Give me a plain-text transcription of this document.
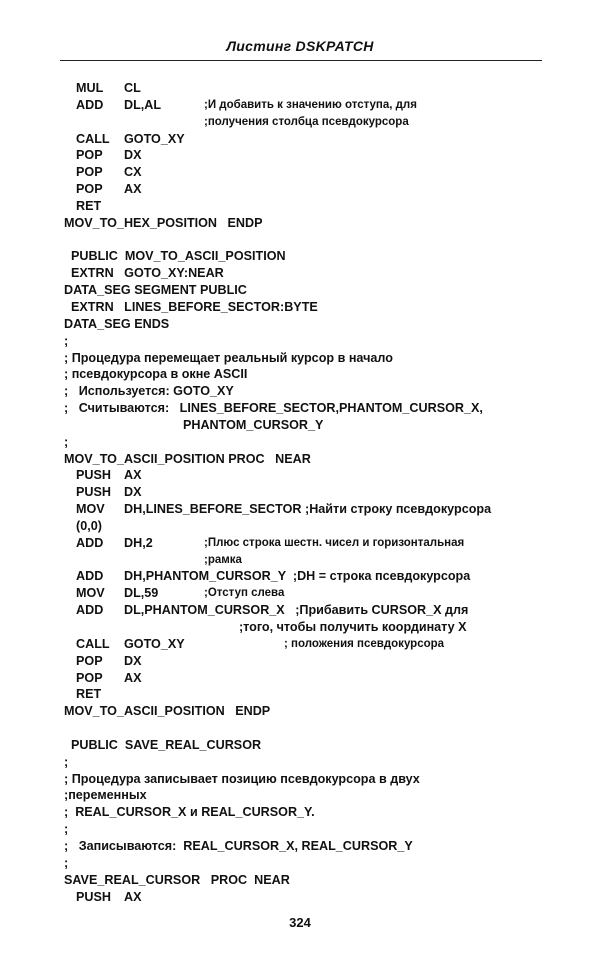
Листинг DSKPATCH
MUL CL
ADD DL,AL	;И добавить к значению отступа, для
;получения столбца псевдокурсора
CALL GOTO_XY
POP DX
POP CX
POP AX
RET
MOV_TO_HEX_POSITION   ENDP
PUBLIC  MOV_TO_ASCII_POSITION
EXTRN   GOTO_XY:NEAR
DATA_SEG SEGMENT PUBLIC
EXTRN   LINES_BEFORE_SECTOR:BYTE
DATA_SEG ENDS
;
; Процедура перемещает реальный курсор в начало
; псевдокурсора в окне ASCII
;   Используется: GOTO_XY
;   Считываются:   LINES_BEFORE_SECTOR,PHANTOM_CURSOR_X,
PHANTOM_CURSOR_Y
;
MOV_TO_ASCII_POSITION PROC   NEAR
PUSH AX
PUSH DX
MOV DH,LINES_BEFORE_SECTOR ;Найти строку псевдокурсора
(0,0)
ADD DH,2	;Плюс строка шестн. чисел и горизонтальная
;рамка
ADD DH,PHANTOM_CURSOR_Y  ;DH = строка псевдокурсора
MOV DL,59	;Отступ слева
ADD DL,PHANTOM_CURSOR_X   ;Прибавить CURSOR_X для
;того, чтобы получить координату X
CALL GOTO_XY	; положения псевдокурсора
POP DX
POP AX
RET
MOV_TO_ASCII_POSITION   ENDP
PUBLIC  SAVE_REAL_CURSOR
;
; Процедура записывает позицию псевдокурсора в двух
;переменных
;  REAL_CURSOR_X и REAL_CURSOR_Y.
;
;   Записываются:  REAL_CURSOR_X, REAL_CURSOR_Y
;
SAVE_REAL_CURSOR   PROC  NEAR
PUSH AX
324
